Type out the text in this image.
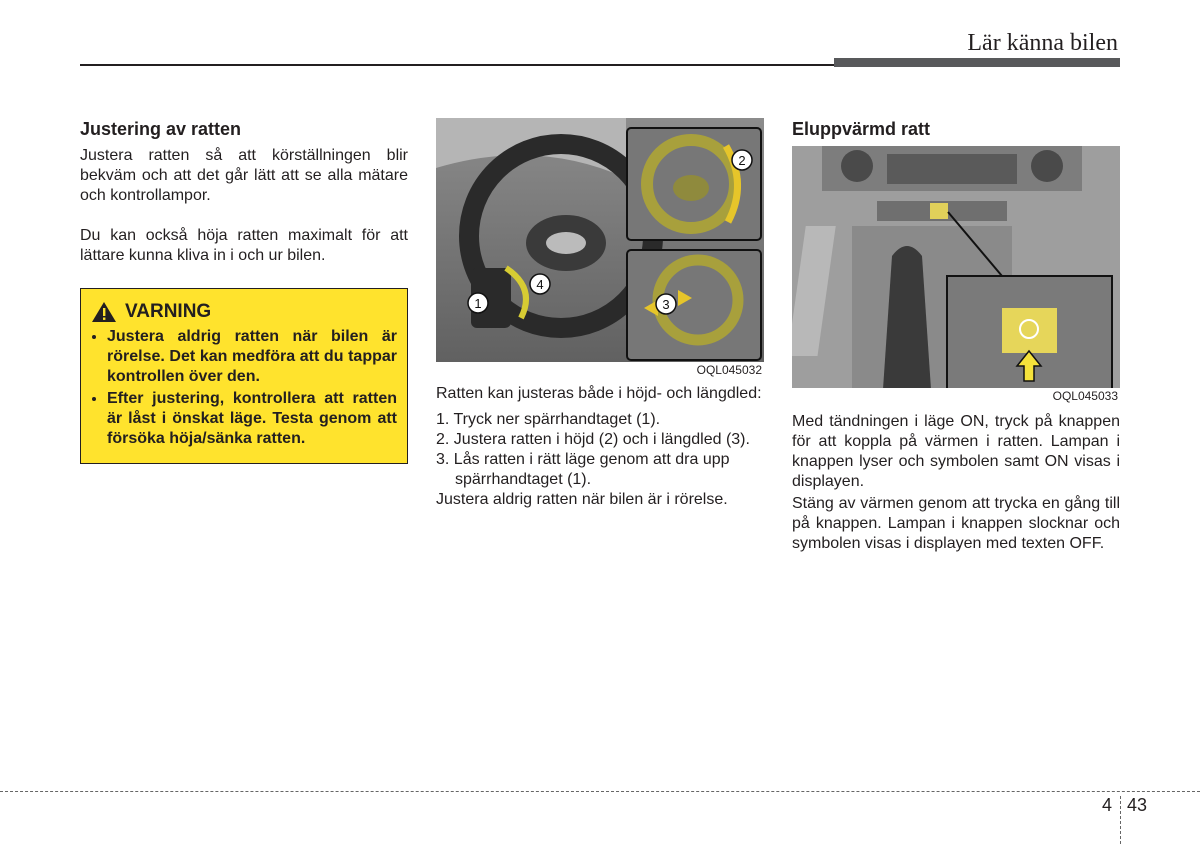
Lär känna bilen
Justering av ratten

Justera ratten så att körställningen blir bekväm och att det går lätt att se alla mätare och kontrollampor.

Du kan också höja ratten maximalt för att lättare kunna kliva in i och ur bilen.

VARNING
• Justera aldrig ratten när bilen är rörelse. Det kan medföra att du tappar kontrollen över den.
• Efter justering, kontrollera att ratten är låst i önskat läge. Testa genom att försöka höja/sänka ratten.
1
4
2
3
OQL045032

Ratten kan justeras både i höjd- och längdled:

1. Tryck ner spärrhandtaget (1).
2. Justera ratten i höjd (2) och i längdled (3).
3. Lås ratten i rätt läge genom att dra upp spärrhandtaget (1).

Justera aldrig ratten när bilen är i rörelse.

Eluppvärmd ratt
OQL045033

Med tändningen i läge ON, tryck på knappen för att koppla på värmen i ratten. Lampan i knappen lyser och symbolen samt ON visas i displayen.

Stäng av värmen genom att trycka en gång till på knappen. Lampan i knappen slocknar och symbolen visas i displayen med texten OFF.

4 43
